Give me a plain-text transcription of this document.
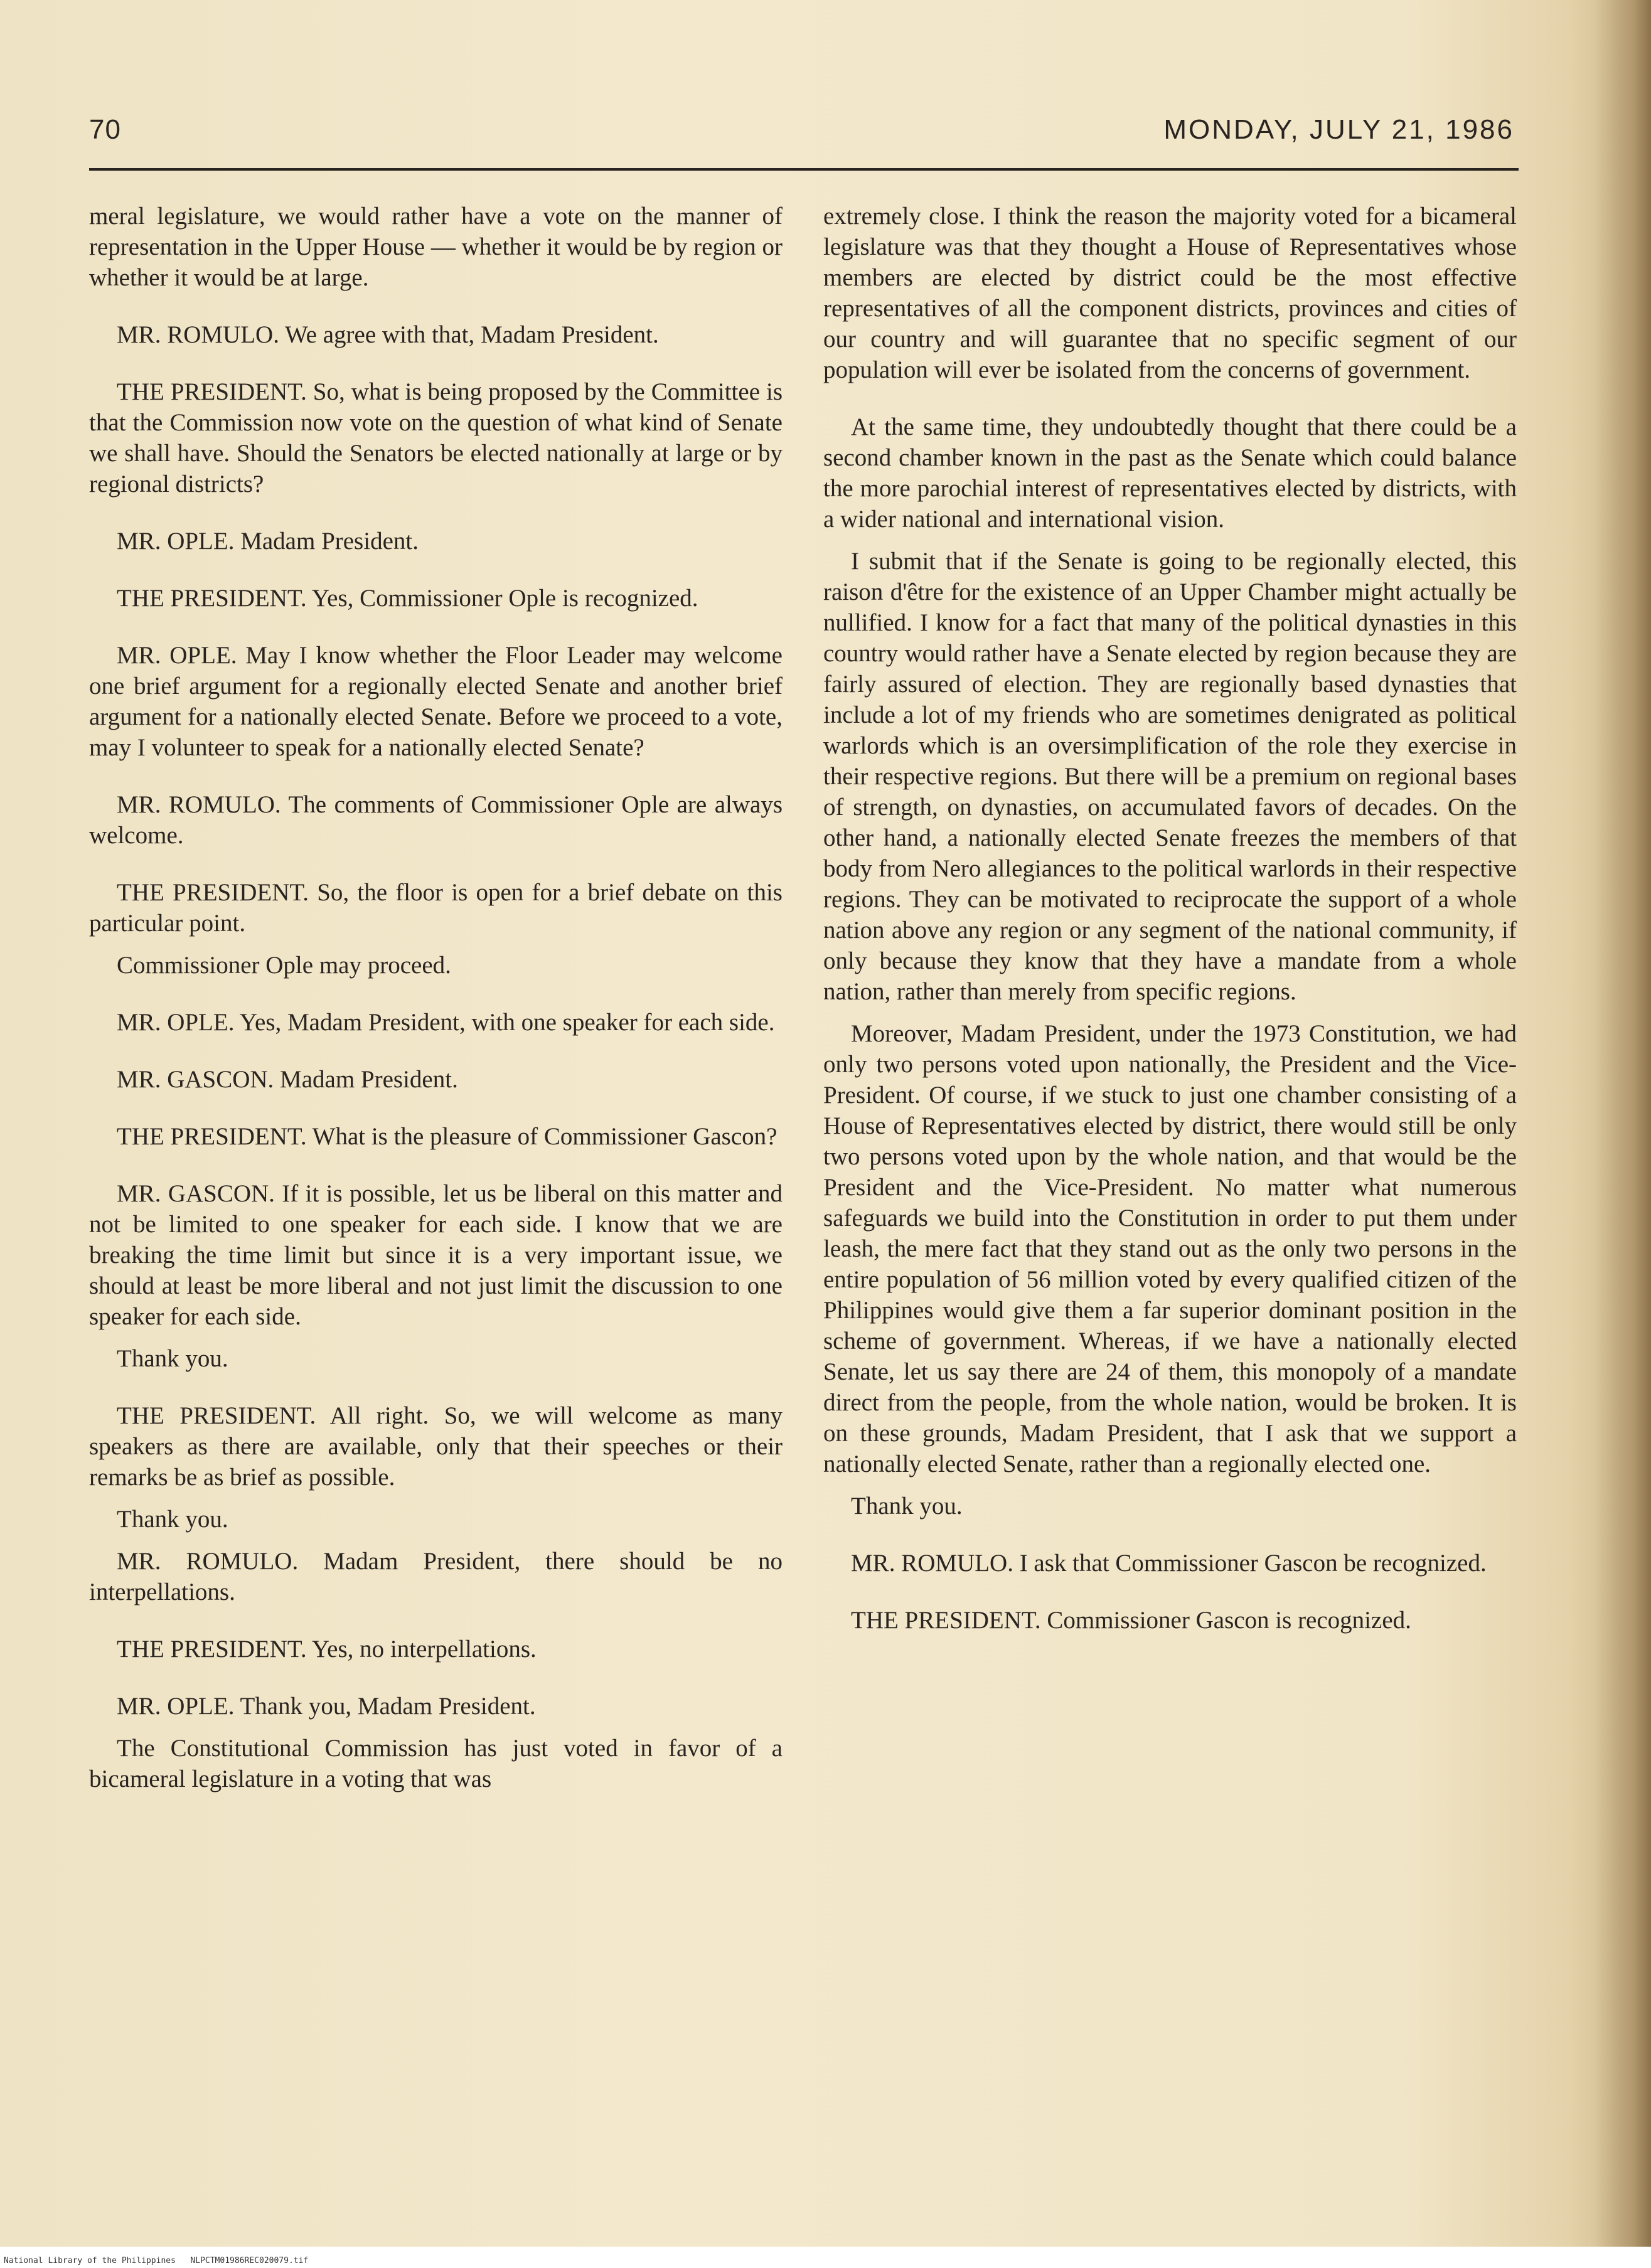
70	MONDAY, JULY 21, 1986

meral legislature, we would rather have a vote on the manner of representation in the Upper House — whether it would be by region or whether it would be at large.

MR. ROMULO. We agree with that, Madam President.

THE PRESIDENT. So, what is being proposed by the Committee is that the Commission now vote on the question of what kind of Senate we shall have. Should the Senators be elected nationally at large or by regional districts?

MR. OPLE. Madam President.

THE PRESIDENT. Yes, Commissioner Ople is recognized.

MR. OPLE. May I know whether the Floor Leader may welcome one brief argument for a regionally elected Senate and another brief argument for a nationally elected Senate. Before we proceed to a vote, may I volunteer to speak for a nationally elected Senate?

MR. ROMULO. The comments of Commissioner Ople are always welcome.

THE PRESIDENT. So, the floor is open for a brief debate on this particular point.

Commissioner Ople may proceed.

MR. OPLE. Yes, Madam President, with one speaker for each side.

MR. GASCON. Madam President.

THE PRESIDENT. What is the pleasure of Commissioner Gascon?

MR. GASCON. If it is possible, let us be liberal on this matter and not be limited to one speaker for each side. I know that we are breaking the time limit but since it is a very important issue, we should at least be more liberal and not just limit the discussion to one speaker for each side.

Thank you.

THE PRESIDENT. All right. So, we will welcome as many speakers as there are available, only that their speeches or their remarks be as brief as possible.

Thank you.

MR. ROMULO. Madam President, there should be no interpellations.

THE PRESIDENT. Yes, no interpellations.

MR. OPLE. Thank you, Madam President.

The Constitutional Commission has just voted in favor of a bicameral legislature in a voting that was

extremely close. I think the reason the majority voted for a bicameral legislature was that they thought a House of Representatives whose members are elected by district could be the most effective representatives of all the component districts, provinces and cities of our country and will guarantee that no specific segment of our population will ever be isolated from the concerns of government.

At the same time, they undoubtedly thought that there could be a second chamber known in the past as the Senate which could balance the more parochial interest of representatives elected by districts, with a wider national and international vision.

I submit that if the Senate is going to be regionally elected, this raison d'être for the existence of an Upper Chamber might actually be nullified. I know for a fact that many of the political dynasties in this country would rather have a Senate elected by region because they are fairly assured of election. They are regionally based dynasties that include a lot of my friends who are sometimes denigrated as political warlords which is an oversimplification of the role they exercise in their respective regions. But there will be a premium on regional bases of strength, on dynasties, on accumulated favors of decades. On the other hand, a nationally elected Senate freezes the members of that body from Nero allegiances to the political warlords in their respective regions. They can be motivated to reciprocate the support of a whole nation above any region or any segment of the national community, if only because they know that they have a mandate from a whole nation, rather than merely from specific regions.

Moreover, Madam President, under the 1973 Constitution, we had only two persons voted upon nationally, the President and the Vice-President. Of course, if we stuck to just one chamber consisting of a House of Representatives elected by district, there would still be only two persons voted upon by the whole nation, and that would be the President and the Vice-President. No matter what numerous safeguards we build into the Constitution in order to put them under leash, the mere fact that they stand out as the only two persons in the entire population of 56 million voted by every qualified citizen of the Philippines would give them a far superior dominant position in the scheme of government. Whereas, if we have a nationally elected Senate, let us say there are 24 of them, this monopoly of a mandate direct from the people, from the whole nation, would be broken. It is on these grounds, Madam President, that I ask that we support a nationally elected Senate, rather than a regionally elected one.

Thank you.

MR. ROMULO. I ask that Commissioner Gascon be recognized.

THE PRESIDENT. Commissioner Gascon is recognized.

National Library of the Philippines   NLPCTM01986REC020079.tif
